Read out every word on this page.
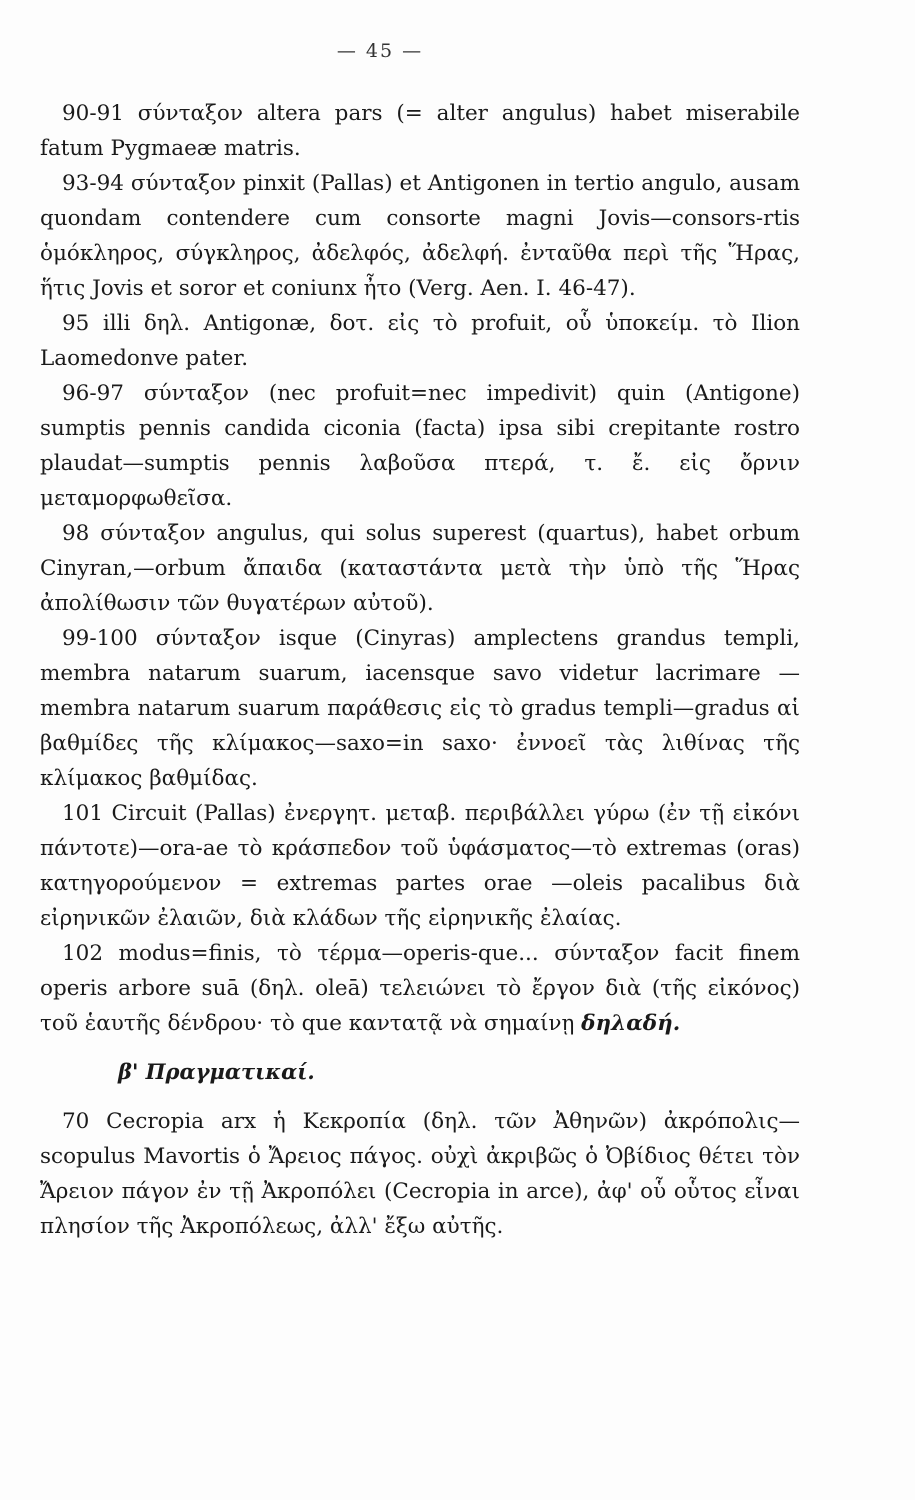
— 45 —

90-91 σύνταξον altera pars (= alter angulus) habet miserabile fatum Pygmaeæ matris.

93-94 σύνταξον pinxit (Pallas) et Antigonen in tertio angulo, ausam quondam contendere cum consorte magni Jovis—consors-rtis ὁμόκληρος, σύγκληρος, ἀδελφός, ἀδελφή. ἐνταῦθα περὶ τῆς Ἥρας, ἥτις Jovis et soror et coniunx ἦτο (Verg. Aen. I. 46-47).

95 illi δηλ. Antigonæ, δοτ. εἰς τὸ profuit, οὗ ὑποκείμ. τὸ Ilion Laomedonve pater.

96-97 σύνταξον (nec profuit=nec impedivit) quin (Antigone) sumptis pennis candida ciconia (facta) ipsa sibi crepitante rostro plaudat—sumptis pennis λαβοῦσα πτερά, τ. ἔ. εἰς ὄρνιν μεταμορφωθεῖσα.

98 σύνταξον angulus, qui solus superest (quartus), habet orbum Cinyran,—orbum ἄπαιδα (καταστάντα μετὰ τὴν ὑπὸ τῆς Ἥρας ἀπολίθωσιν τῶν θυγατέρων αὐτοῦ).

99-100 σύνταξον isque (Cinyras) amplectens grandus templi, membra natarum suarum, iacensque savo videtur lacrimare — membra natarum suarum παράθεσις εἰς τὸ gradus templi—gradus αἱ βαθμίδες τῆς κλίμακος—saxo=in saxo· ἐννοεῖ τὰς λιθίνας τῆς κλίμακος βαθμίδας.

101 Circuit (Pallas) ἐνεργητ. μεταβ. περιβάλλει γύρω (ἐν τῇ εἰκόνι πάντοτε)—ora-ae τὸ κράσπεδον τοῦ ὑφάσματος—τὸ extremas (oras) κατηγορούμενον = extremas partes orae —oleis pacalibus διὰ εἰρηνικῶν ἐλαιῶν, διὰ κλάδων τῆς εἰρηνικῆς ἐλαίας.

102 modus=finis, τὸ τέρμα—operis-que... σύνταξον facit finem operis arbore suā (δηλ. oleā) τελειώνει τὸ ἔργον διὰ (τῆς εἰκόνος) τοῦ ἑαυτῆς δένδρου· τὸ que καντατᾷ νὰ σημαίνῃ δηλαδή.

β' Πραγματικαί.

70 Cecropia arx ἡ Κεκροπία (δηλ. τῶν Ἀθηνῶν) ἀκρόπολις—scopulus Mavortis ὁ Ἄρειος πάγος. οὐχὶ ἀκριβῶς ὁ Ὀβίδιος θέτει τὸν Ἄρειον πάγον ἐν τῇ Ἀκροπόλει (Cecropia in arce), ἀφ' οὗ οὗτος εἶναι πλησίον τῆς Ἀκροπόλεως, ἀλλ' ἔξω αὐτῆς.
